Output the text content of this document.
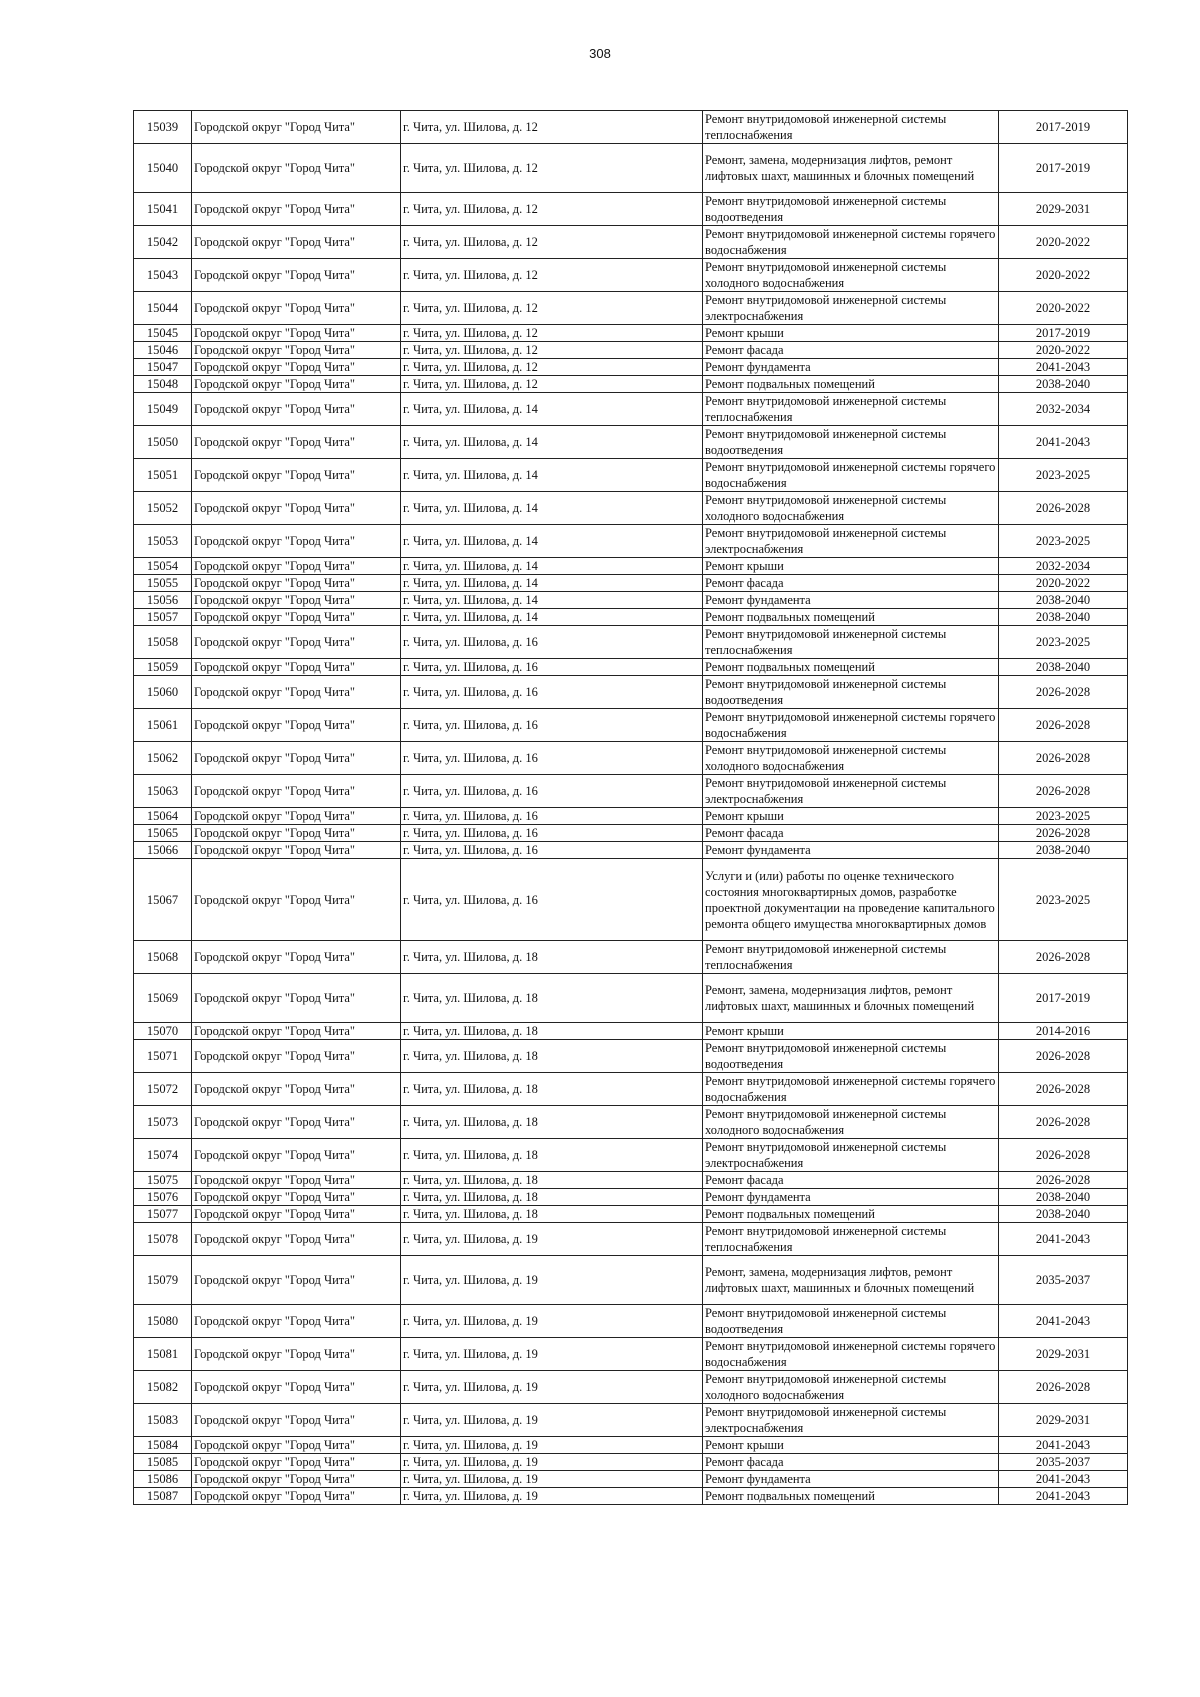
308
15039	Городской округ "Город Чита"	г. Чита, ул. Шилова, д. 12	Ремонт внутридомовой инженерной системы теплоснабжения	2017-2019
15040	Городской округ "Город Чита"	г. Чита, ул. Шилова, д. 12	Ремонт, замена, модернизация лифтов, ремонт лифтовых шахт, машинных и блочных помещений	2017-2019
15041	Городской округ "Город Чита"	г. Чита, ул. Шилова, д. 12	Ремонт внутридомовой инженерной системы водоотведения	2029-2031
15042	Городской округ "Город Чита"	г. Чита, ул. Шилова, д. 12	Ремонт внутридомовой инженерной системы горячего водоснабжения	2020-2022
15043	Городской округ "Город Чита"	г. Чита, ул. Шилова, д. 12	Ремонт внутридомовой инженерной системы холодного водоснабжения	2020-2022
15044	Городской округ "Город Чита"	г. Чита, ул. Шилова, д. 12	Ремонт внутридомовой инженерной системы электроснабжения	2020-2022
15045	Городской округ "Город Чита"	г. Чита, ул. Шилова, д. 12	Ремонт крыши	2017-2019
15046	Городской округ "Город Чита"	г. Чита, ул. Шилова, д. 12	Ремонт фасада	2020-2022
15047	Городской округ "Город Чита"	г. Чита, ул. Шилова, д. 12	Ремонт фундамента	2041-2043
15048	Городской округ "Город Чита"	г. Чита, ул. Шилова, д. 12	Ремонт подвальных помещений	2038-2040
15049	Городской округ "Город Чита"	г. Чита, ул. Шилова, д. 14	Ремонт внутридомовой инженерной системы теплоснабжения	2032-2034
15050	Городской округ "Город Чита"	г. Чита, ул. Шилова, д. 14	Ремонт внутридомовой инженерной системы водоотведения	2041-2043
15051	Городской округ "Город Чита"	г. Чита, ул. Шилова, д. 14	Ремонт внутридомовой инженерной системы горячего водоснабжения	2023-2025
15052	Городской округ "Город Чита"	г. Чита, ул. Шилова, д. 14	Ремонт внутридомовой инженерной системы холодного водоснабжения	2026-2028
15053	Городской округ "Город Чита"	г. Чита, ул. Шилова, д. 14	Ремонт внутридомовой инженерной системы электроснабжения	2023-2025
15054	Городской округ "Город Чита"	г. Чита, ул. Шилова, д. 14	Ремонт крыши	2032-2034
15055	Городской округ "Город Чита"	г. Чита, ул. Шилова, д. 14	Ремонт фасада	2020-2022
15056	Городской округ "Город Чита"	г. Чита, ул. Шилова, д. 14	Ремонт фундамента	2038-2040
15057	Городской округ "Город Чита"	г. Чита, ул. Шилова, д. 14	Ремонт подвальных помещений	2038-2040
15058	Городской округ "Город Чита"	г. Чита, ул. Шилова, д. 16	Ремонт внутридомовой инженерной системы теплоснабжения	2023-2025
15059	Городской округ "Город Чита"	г. Чита, ул. Шилова, д. 16	Ремонт подвальных помещений	2038-2040
15060	Городской округ "Город Чита"	г. Чита, ул. Шилова, д. 16	Ремонт внутридомовой инженерной системы водоотведения	2026-2028
15061	Городской округ "Город Чита"	г. Чита, ул. Шилова, д. 16	Ремонт внутридомовой инженерной системы горячего водоснабжения	2026-2028
15062	Городской округ "Город Чита"	г. Чита, ул. Шилова, д. 16	Ремонт внутридомовой инженерной системы холодного водоснабжения	2026-2028
15063	Городской округ "Город Чита"	г. Чита, ул. Шилова, д. 16	Ремонт внутридомовой инженерной системы электроснабжения	2026-2028
15064	Городской округ "Город Чита"	г. Чита, ул. Шилова, д. 16	Ремонт крыши	2023-2025
15065	Городской округ "Город Чита"	г. Чита, ул. Шилова, д. 16	Ремонт фасада	2026-2028
15066	Городской округ "Город Чита"	г. Чита, ул. Шилова, д. 16	Ремонт фундамента	2038-2040
15067	Городской округ "Город Чита"	г. Чита, ул. Шилова, д. 16	Услуги и (или) работы по оценке технического состояния многоквартирных домов, разработке проектной документации на проведение капитального ремонта общего имущества многоквартирных домов	2023-2025
15068	Городской округ "Город Чита"	г. Чита, ул. Шилова, д. 18	Ремонт внутридомовой инженерной системы теплоснабжения	2026-2028
15069	Городской округ "Город Чита"	г. Чита, ул. Шилова, д. 18	Ремонт, замена, модернизация лифтов, ремонт лифтовых шахт, машинных и блочных помещений	2017-2019
15070	Городской округ "Город Чита"	г. Чита, ул. Шилова, д. 18	Ремонт крыши	2014-2016
15071	Городской округ "Город Чита"	г. Чита, ул. Шилова, д. 18	Ремонт внутридомовой инженерной системы водоотведения	2026-2028
15072	Городской округ "Город Чита"	г. Чита, ул. Шилова, д. 18	Ремонт внутридомовой инженерной системы горячего водоснабжения	2026-2028
15073	Городской округ "Город Чита"	г. Чита, ул. Шилова, д. 18	Ремонт внутридомовой инженерной системы холодного водоснабжения	2026-2028
15074	Городской округ "Город Чита"	г. Чита, ул. Шилова, д. 18	Ремонт внутридомовой инженерной системы электроснабжения	2026-2028
15075	Городской округ "Город Чита"	г. Чита, ул. Шилова, д. 18	Ремонт фасада	2026-2028
15076	Городской округ "Город Чита"	г. Чита, ул. Шилова, д. 18	Ремонт фундамента	2038-2040
15077	Городской округ "Город Чита"	г. Чита, ул. Шилова, д. 18	Ремонт подвальных помещений	2038-2040
15078	Городской округ "Город Чита"	г. Чита, ул. Шилова, д. 19	Ремонт внутридомовой инженерной системы теплоснабжения	2041-2043
15079	Городской округ "Город Чита"	г. Чита, ул. Шилова, д. 19	Ремонт, замена, модернизация лифтов, ремонт лифтовых шахт, машинных и блочных помещений	2035-2037
15080	Городской округ "Город Чита"	г. Чита, ул. Шилова, д. 19	Ремонт внутридомовой инженерной системы водоотведения	2041-2043
15081	Городской округ "Город Чита"	г. Чита, ул. Шилова, д. 19	Ремонт внутридомовой инженерной системы горячего водоснабжения	2029-2031
15082	Городской округ "Город Чита"	г. Чита, ул. Шилова, д. 19	Ремонт внутридомовой инженерной системы холодного водоснабжения	2026-2028
15083	Городской округ "Город Чита"	г. Чита, ул. Шилова, д. 19	Ремонт внутридомовой инженерной системы электроснабжения	2029-2031
15084	Городской округ "Город Чита"	г. Чита, ул. Шилова, д. 19	Ремонт крыши	2041-2043
15085	Городской округ "Город Чита"	г. Чита, ул. Шилова, д. 19	Ремонт фасада	2035-2037
15086	Городской округ "Город Чита"	г. Чита, ул. Шилова, д. 19	Ремонт фундамента	2041-2043
15087	Городской округ "Город Чита"	г. Чита, ул. Шилова, д. 19	Ремонт подвальных помещений	2041-2043
